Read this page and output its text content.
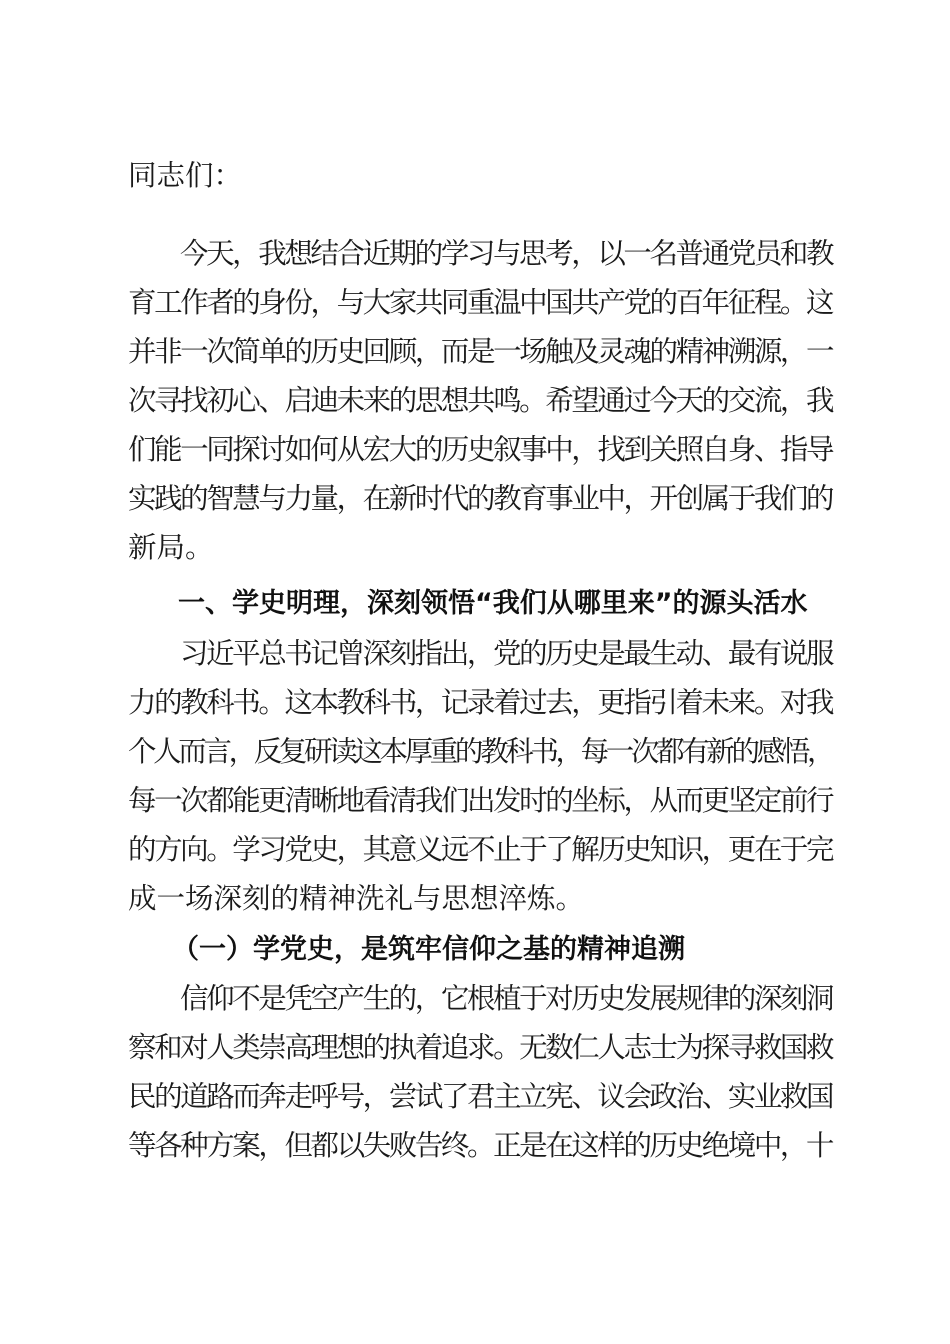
同志们：
今天，我想结合近期的学习与思考，以一名普通党员和教
育工作者的身份，与大家共同重温中国共产党的百年征程。这
并非一次简单的历史回顾，而是一场触及灵魂的精神溯源，一
次寻找初心、启迪未来的思想共鸣。希望通过今天的交流，我
们能一同探讨如何从宏大的历史叙事中，找到关照自身、指导
实践的智慧与力量，在新时代的教育事业中，开创属于我们的
新局。
一、学史明理，深刻领悟“我们从哪里来”的源头活水
习近平总书记曾深刻指出，党的历史是最生动、最有说服
力的教科书。这本教科书，记录着过去，更指引着未来。对我
个人而言，反复研读这本厚重的教科书，每一次都有新的感悟，
每一次都能更清晰地看清我们出发时的坐标，从而更坚定前行
的方向。学习党史，其意义远不止于了解历史知识，更在于完
成一场深刻的精神洗礼与思想淬炼。
（一）学党史，是筑牢信仰之基的精神追溯
信仰不是凭空产生的，它根植于对历史发展规律的深刻洞
察和对人类崇高理想的执着追求。无数仁人志士为探寻救国救
民的道路而奔走呼号，尝试了君主立宪、议会政治、实业救国
等各种方案，但都以失败告终。正是在这样的历史绝境中，十
